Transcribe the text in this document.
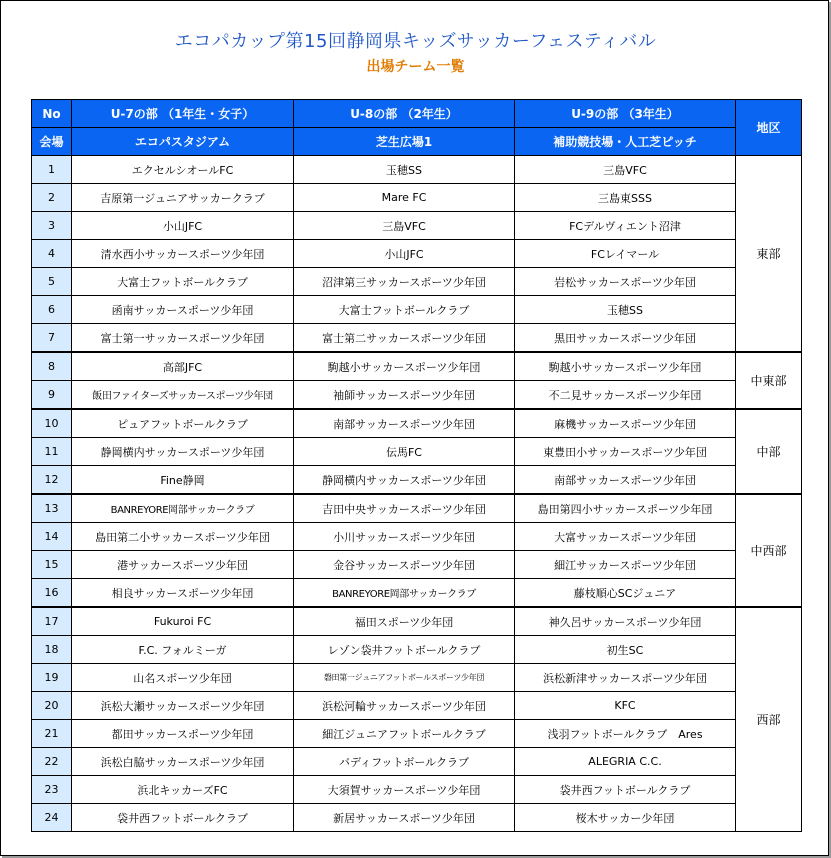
エコパカップ第15回静岡県キッズサッカーフェスティバル
出場チーム一覧
No	U-7の部 （1年生・女子）	U-8の部 （2年生）	U-9の部 （3年生）	地区
会場	エコパスタジアム	芝生広場1	補助競技場・人工芝ピッチ	
1	エクセルシオールFC	玉穂SS	三島VFC	東部
2	吉原第一ジュニアサッカークラブ	Mare FC	三島東SSS	
3	小山JFC	三島VFC	FCデルヴィエント沼津	
4	清水西小サッカースポーツ少年団	小山JFC	FCレイマール	
5	大富士フットボールクラブ	沼津第三サッカースポーツ少年団	岩松サッカースポーツ少年団	
6	函南サッカースポーツ少年団	大富士フットボールクラブ	玉穂SS	
7	富士第一サッカースポーツ少年団	富士第二サッカースポーツ少年団	黒田サッカースポーツ少年団	
8	高部JFC	駒越小サッカースポーツ少年団	駒越小サッカースポーツ少年団	中東部
9	飯田ファイターズサッカースポーツ少年団	袖師サッカースポーツ少年団	不二見サッカースポーツ少年団	
10	ピュアフットボールクラブ	南部サッカースポーツ少年団	麻機サッカースポーツ少年団	中部
11	静岡横内サッカースポーツ少年団	伝馬FC	東豊田小サッカースポーツ少年団	
12	Fine静岡	静岡横内サッカースポーツ少年団	南部サッカースポーツ少年団	
13	BANREYORE岡部サッカークラブ	吉田中央サッカースポーツ少年団	島田第四小サッカースポーツ少年団	中西部
14	島田第二小サッカースポーツ少年団	小川サッカースポーツ少年団	大富サッカースポーツ少年団	
15	港サッカースポーツ少年団	金谷サッカースポーツ少年団	細江サッカースポーツ少年団	
16	相良サッカースポーツ少年団	BANREYORE岡部サッカークラブ	藤枝順心SCジュニア	
17	Fukuroi FC	福田スポーツ少年団	神久呂サッカースポーツ少年団	西部
18	F.C. フォルミーガ	レゾン袋井フットボールクラブ	初生SC	
19	山名スポーツ少年団	磐田第一ジュニアフットボールスポーツ少年団	浜松新津サッカースポーツ少年団	
20	浜松大瀬サッカースポーツ少年団	浜松河輪サッカースポーツ少年団	KFC	
21	都田サッカースポーツ少年団	細江ジュニアフットボールクラブ	浅羽フットボールクラブ　Ares	
22	浜松白脇サッカースポーツ少年団	バディフットボールクラブ	ALEGRIA C.C.	
23	浜北キッカーズFC	大須賀サッカースポーツ少年団	袋井西フットボールクラブ	
24	袋井西フットボールクラブ	新居サッカースポーツ少年団	桜木サッカー少年団	
